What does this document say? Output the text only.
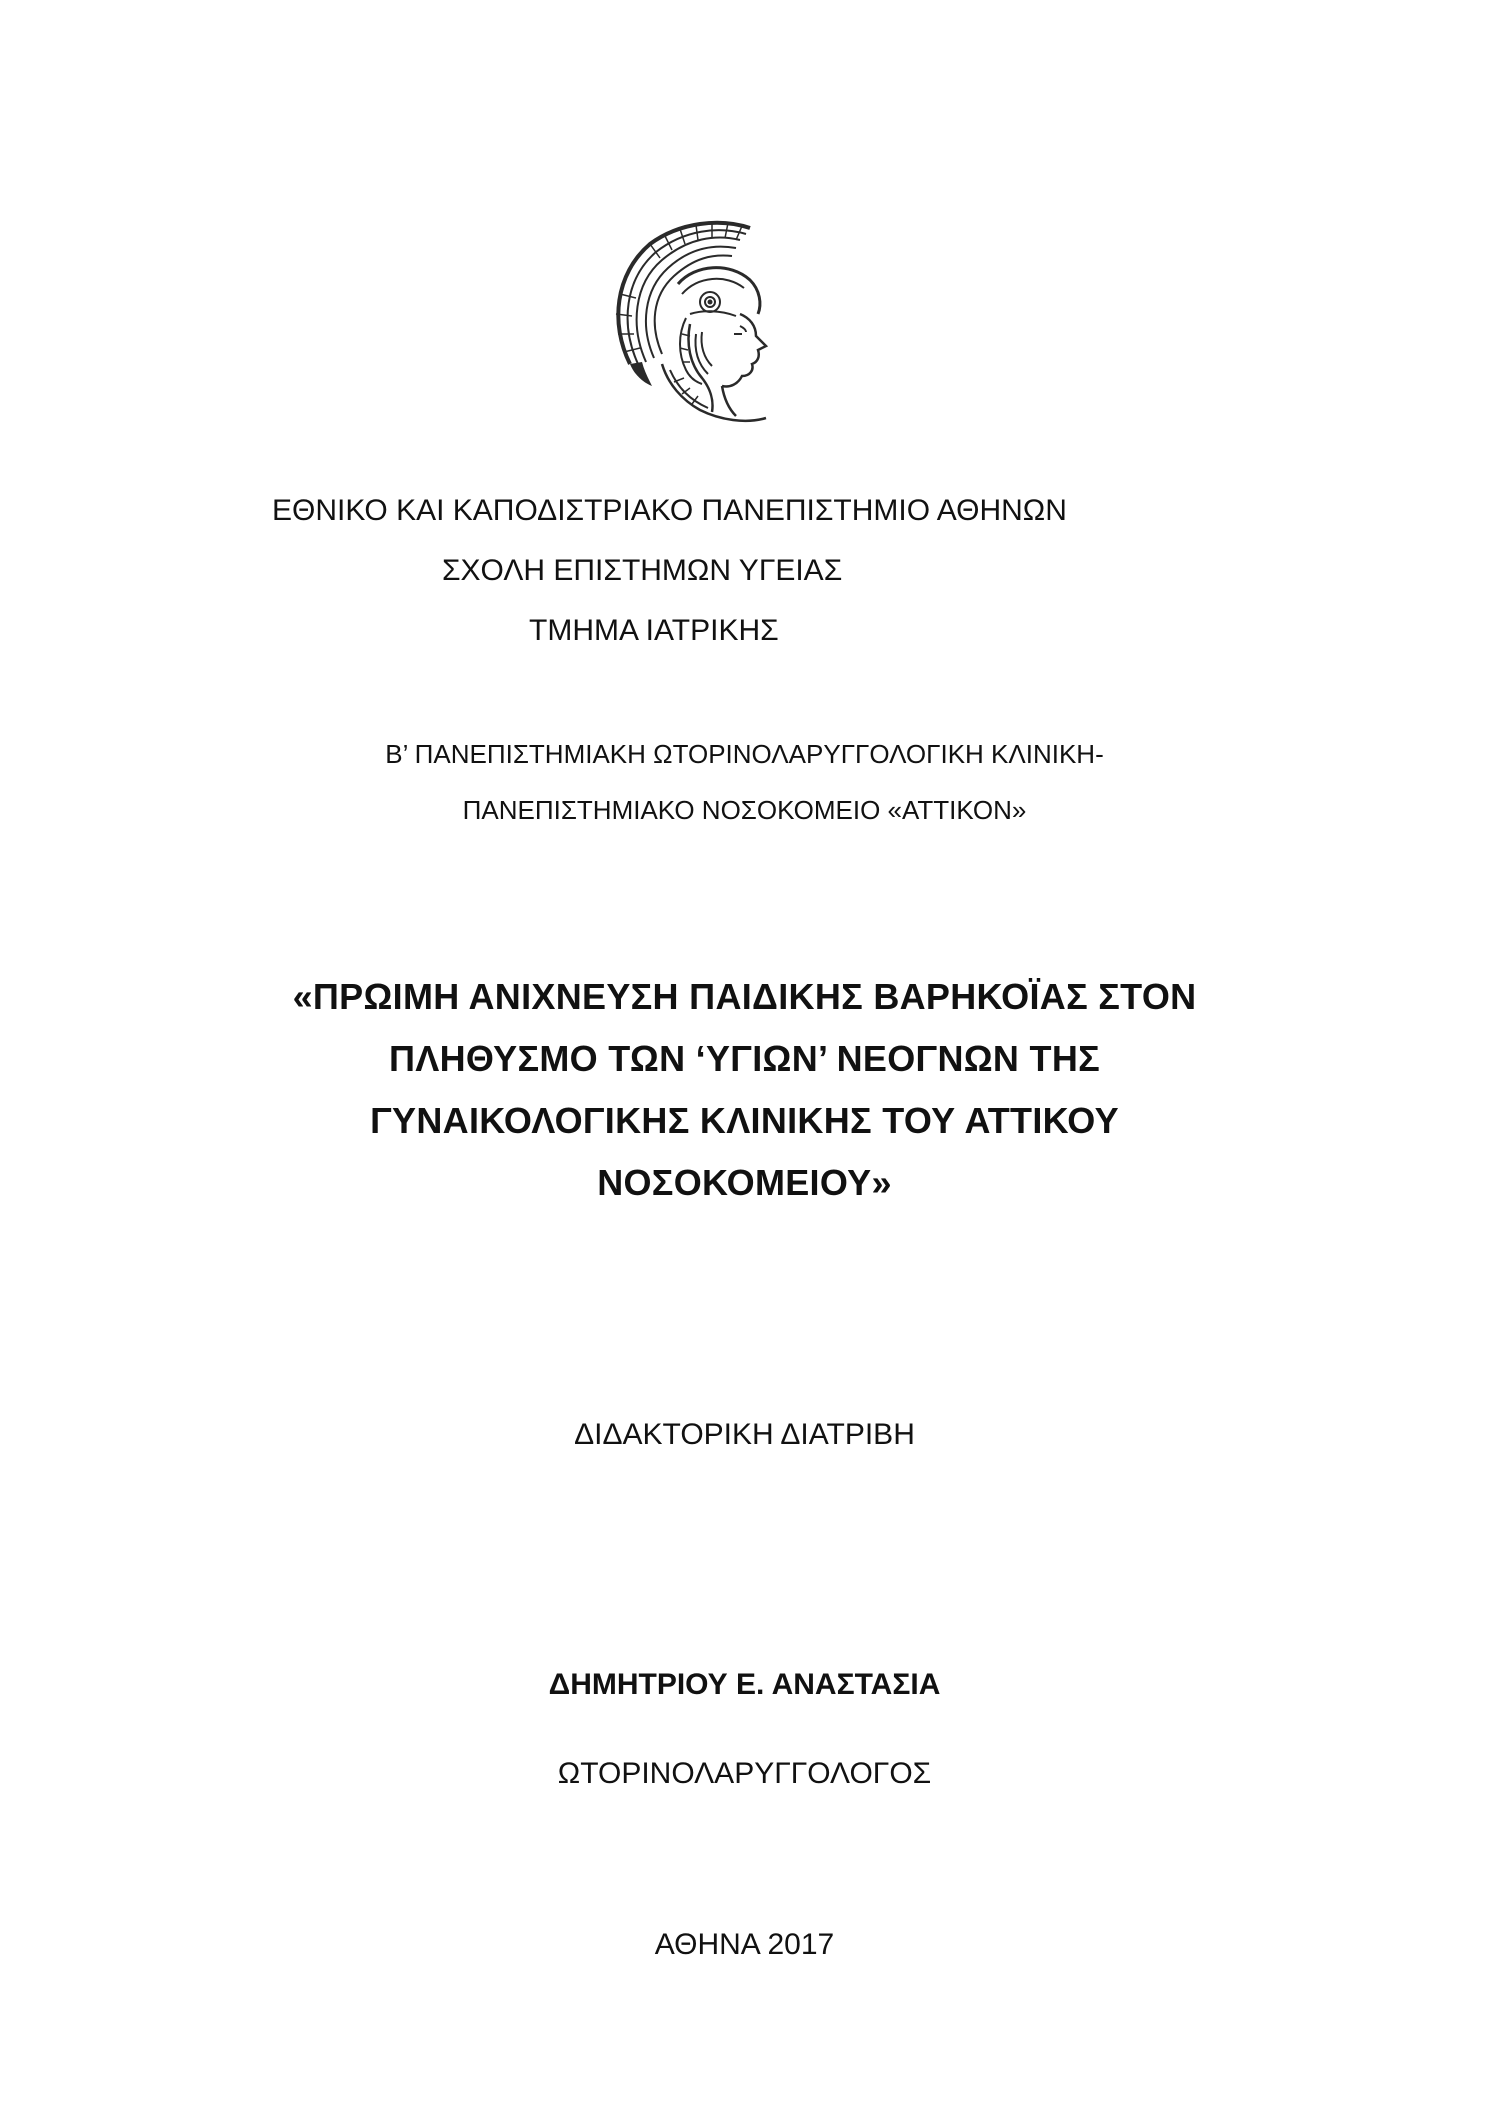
ΕΘΝΙΚΟ ΚΑΙ ΚΑΠΟΔΙΣΤΡΙΑΚΟ ΠΑΝΕΠΙΣΤΗΜΙΟ ΑΘΗΝΩΝ
ΣΧΟΛΗ ΕΠΙΣΤΗΜΩΝ ΥΓΕΙΑΣ
ΤΜΗΜΑ ΙΑΤΡΙΚΗΣ
Β’ ΠΑΝΕΠΙΣΤΗΜΙΑΚΗ ΩΤΟΡΙΝΟΛΑΡΥΓΓΟΛΟΓΙΚΗ ΚΛΙΝΙΚΗ-
ΠΑΝΕΠΙΣΤΗΜΙΑΚΟ ΝΟΣΟΚΟΜΕΙΟ «ΑΤΤΙΚΟΝ»
«ΠΡΩΙΜΗ ΑΝΙΧΝΕΥΣΗ ΠΑΙΔΙΚΗΣ ΒΑΡΗΚΟΪΑΣ ΣΤΟΝ
ΠΛΗΘΥΣΜΟ ΤΩΝ ‘ΥΓΙΩΝ’ ΝΕΟΓΝΩΝ ΤΗΣ
ΓΥΝΑΙΚΟΛΟΓΙΚΗΣ ΚΛΙΝΙΚΗΣ ΤΟΥ ΑΤΤΙΚΟΥ
ΝΟΣΟΚΟΜΕΙΟΥ»
ΔΙΔΑΚΤΟΡΙΚΗ ΔΙΑΤΡΙΒΗ
ΔΗΜΗΤΡΙΟΥ Ε. ΑΝΑΣΤΑΣΙΑ
ΩΤΟΡΙΝΟΛΑΡΥΓΓΟΛΟΓΟΣ
ΑΘΗΝΑ 2017
